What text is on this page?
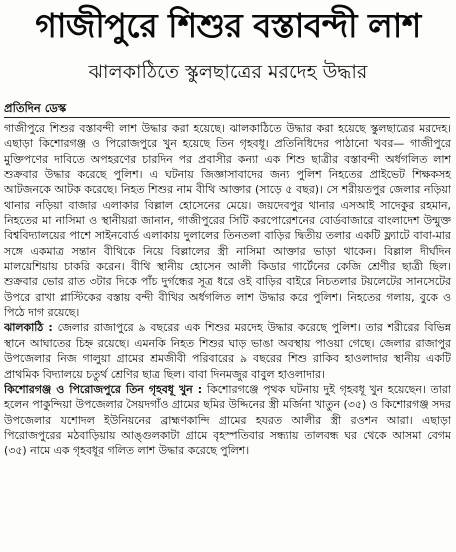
গাজীপুরে শিশুর বস্তাবন্দী লাশ
ঝালকাঠিতে স্কুলছাত্রের মরদেহ উদ্ধার
প্রতিদিন ডেস্ক

গাজীপুরে শিশুর বস্তাবন্দী লাশ উদ্ধার করা হয়েছে। ঝালকাঠিতে উদ্ধার করা হয়েছে স্কুলছাত্রের মরদেহ। এছাড়া কিশোরগঞ্জ ও পিরোজপুরে খুন হয়েছে তিন গৃহবধূ। প্রতিনিধিদের পাঠানো খবর— গাজীপুরে মুক্তিপণের দাবিতে অপহরণের চারদিন পর প্রবাসীর কন্যা এক শিশু ছাত্রীর বস্তাবন্দী অর্ধগলিত লাশ শুক্রবার উদ্ধার করেছে পুলিশ। এ ঘটনায় জিজ্ঞাসাবাদের জন্য পুলিশ নিহতের প্রাইভেট শিক্ষকসহ আটজনকে আটক করেছে। নিহত শিশুর নাম বীথি আক্তার (সাড়ে ৫ বছর)। সে শরীয়তপুর জেলার নড়িয়া থানার নড়িয়া বাজার এলাকার বিল্লাল হোসেনের মেয়ে। জয়দেবপুর থানার এসআই সাদেকুর রহমান, নিহতের মা নাসিমা ও স্থানীয়রা জানান, গাজীপুরের সিটি করপোরেশনের বোর্ডবাজারে বাংলাদেশ উন্মুক্ত বিশ্ববিদ্যালয়ের পাশে সাইনবোর্ড এলাকায় দুলালের তিনতলা বাড়ির দ্বিতীয় তলার একটি ফ্ল্যাটে বাবা-মার সঙ্গে একমাত্র সন্তান বীথিকে নিয়ে বিল্লালের স্ত্রী নাসিমা আক্তার ভাড়া থাকেন। বিল্লাল দীর্ঘদিন মালয়েশিয়ায় চাকরি করেন। বীথি স্থানীয় হোসেন আলী কিডার গার্টেনের কেজি শ্রেণীর ছাত্রী ছিল। শুক্রবার ভোর রাত ৩টার দিকে পাঁচ দুর্গন্ধের সূত্র ধরে ওই বাড়ির বাইরে নিচতলার টয়লেটের সানসেটের উপরে রাখা প্লাস্টিকের বস্তায় বন্দী বীথির অর্ধগলিত লাশ উদ্ধার করে পুলিশ। নিহতের গলায়, বুকে ও পিঠে দাগ রয়েছে।

ঝালকাঠি : জেলার রাজাপুরে ৯ বছরের এক শিশুর মরদেহ উদ্ধার করেছে পুলিশ। তার শরীরের বিভিন্ন স্থানে আঘাতের চিহ্ন রয়েছে। এমনকি নিহত শিশুর ঘাড় ভাঙা অবস্থায় পাওয়া গেছে। জেলার রাজাপুর উপজেলার নিজ গালুয়া গ্রামের শ্রমজীবী পরিবারের ৯ বছরের শিশু রাকিব হাওলাদার স্থানীয় একটি প্রাথমিক বিদ্যালয়ে চতুর্থ শ্রেণির ছাত্র ছিল। বাবা দিনমজুর বাবুল হাওলাদার।

কিশোরগঞ্জ ও পিরোজপুরে তিন গৃহবধূ খুন : কিশোরগঞ্জে পৃথক ঘটনায় দুই গৃহবধূ খুন হয়েছেন। তারা হলেন পাকুন্দিয়া উপজেলার সৈয়দগাঁও গ্রামের ছমির উদ্দিনের স্ত্রী মর্জিনা খাতুন (৩৫) ও কিশোরগঞ্জ সদর উপজেলার যশোদল ইউনিয়নের ব্রাহ্মণকান্দি গ্রামের হযরত আলীর স্ত্রী রওশন আরা। এছাড়া পিরোজপুরের মঠবাড়িয়ায় আঙ্গুলকাটা গ্রামে বৃহস্পতিবার সন্ধ্যায় তালবন্ধ ঘর থেকে আসমা বেগম (৩৫) নামে এক গৃহবধূর গলিত লাশ উদ্ধার করেছে পুলিশ।
